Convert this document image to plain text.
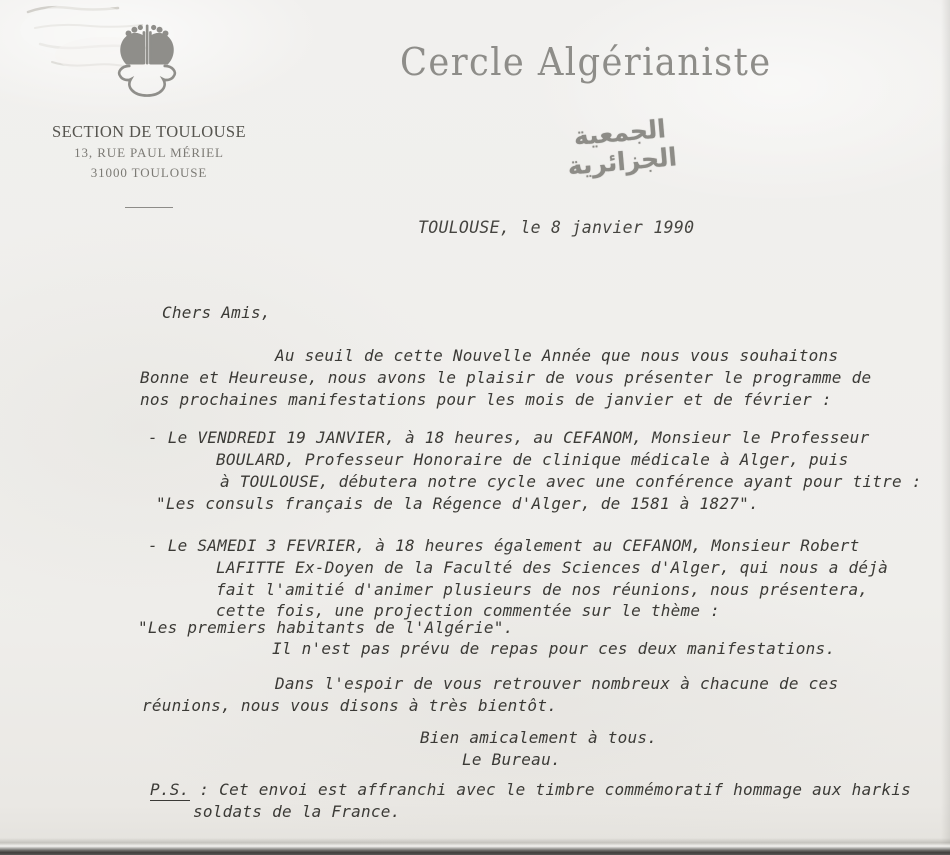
SECTION DE TOULOUSE
13, RUE PAUL MÉRIEL
31000 TOULOUSE
Cercle Algérianiste
الجمعية الجزائرية
TOULOUSE, le 8 janvier 1990
Chers Amis,
Au seuil de cette Nouvelle Année que nous vous souhaitons
Bonne et Heureuse, nous avons le plaisir de vous présenter le programme de
nos prochaines manifestations pour les mois de janvier et de février :
- Le VENDREDI 19 JANVIER, à 18 heures, au CEFANOM, Monsieur le Professeur
BOULARD, Professeur Honoraire de clinique médicale à Alger, puis
à TOULOUSE, débutera notre cycle avec une conférence ayant pour titre :
"Les consuls français de la Régence d'Alger, de 1581 à 1827".
- Le SAMEDI 3 FEVRIER, à 18 heures également au CEFANOM, Monsieur Robert
LAFITTE Ex-Doyen de la Faculté des Sciences d'Alger, qui nous a déjà
fait l'amitié d'animer plusieurs de nos réunions, nous présentera,
cette fois, une projection commentée sur le thème :
"Les premiers habitants de l'Algérie".
Il n'est pas prévu de repas pour ces deux manifestations.
Dans l'espoir de vous retrouver nombreux à chacune de ces
réunions, nous vous disons à très bientôt.
Bien amicalement à tous.
Le Bureau.
P.S. : Cet envoi est affranchi avec le timbre commémoratif hommage aux harkis
soldats de la France.
